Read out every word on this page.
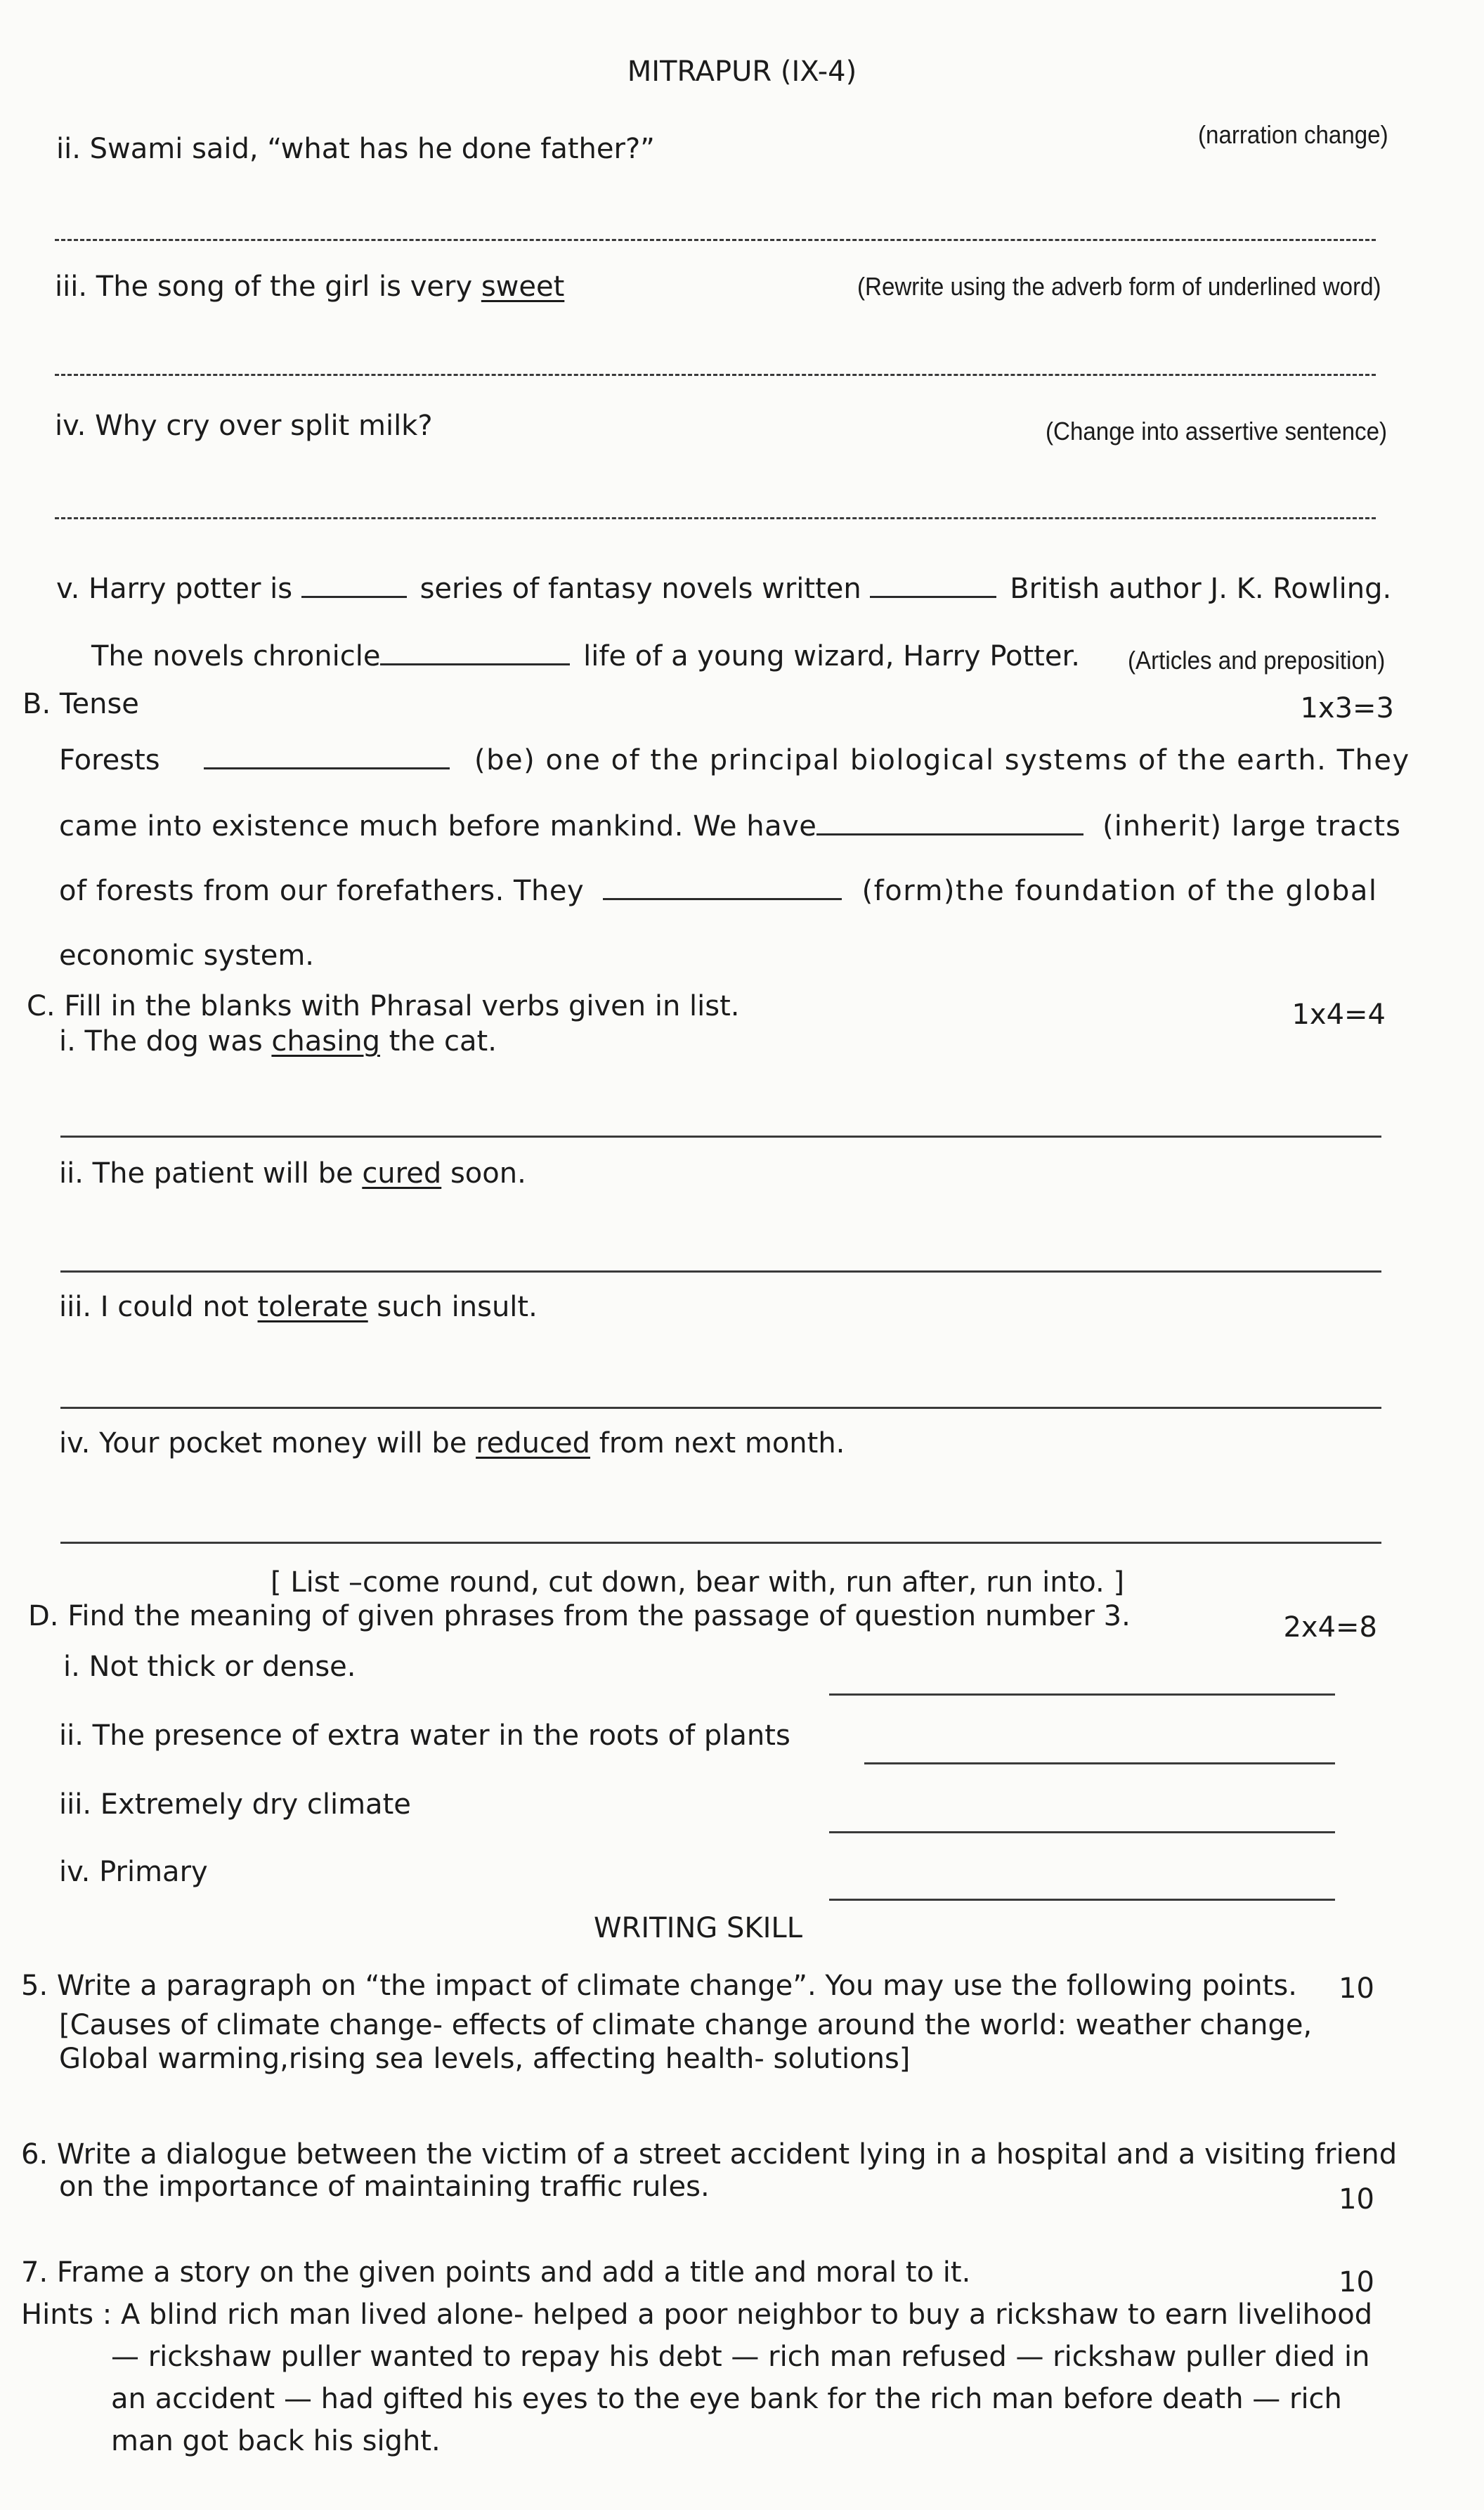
MITRAPUR (IX-4)
ii. Swami said, “what has he done father?”	(narration change)
iii. The song of the girl is very sweet	(Rewrite using the adverb form of underlined word)
iv. Why cry over split milk?	(Change into assertive sentence)
v. Harry potter is	series of fantasy novels written	British author J. K. Rowling.
The novels chronicle	life of a young wizard, Harry Potter. (Articles and preposition)
B. Tense	1x3=3
Forests	(be) one of the principal biological systems of the earth. They
came into existence much before mankind. We have	(inherit) large tracts
of forests from our forefathers. They	(form)the foundation of the global
economic system.
C. Fill in the blanks with Phrasal verbs given in list.	1x4=4
i. The dog was chasing the cat.
ii. The patient will be cured soon.
iii. I could not tolerate such insult.
iv. Your pocket money will be reduced from next month.
[ List –come round, cut down, bear with, run after, run into. ]
D. Find the meaning of given phrases from the passage of question number 3.	2x4=8
i. Not thick or dense.
ii. The presence of extra water in the roots of plants
iii. Extremely dry climate
iv. Primary
WRITING SKILL
5. Write a paragraph on “the impact of climate change”. You may use the following points. 10
[Causes of climate change- effects of climate change around the world: weather change,
Global warming,rising sea levels, affecting health- solutions]
6. Write a dialogue between the victim of a street accident lying in a hospital and a visiting friend
on the importance of maintaining traffic rules.	10
7. Frame a story on the given points and add a title and moral to it.	10
Hints : A blind rich man lived alone- helped a poor neighbor to buy a rickshaw to earn livelihood
— rickshaw puller wanted to repay his debt — rich man refused — rickshaw puller died in
an accident — had gifted his eyes to the eye bank for the rich man before death — rich
man got back his sight.
